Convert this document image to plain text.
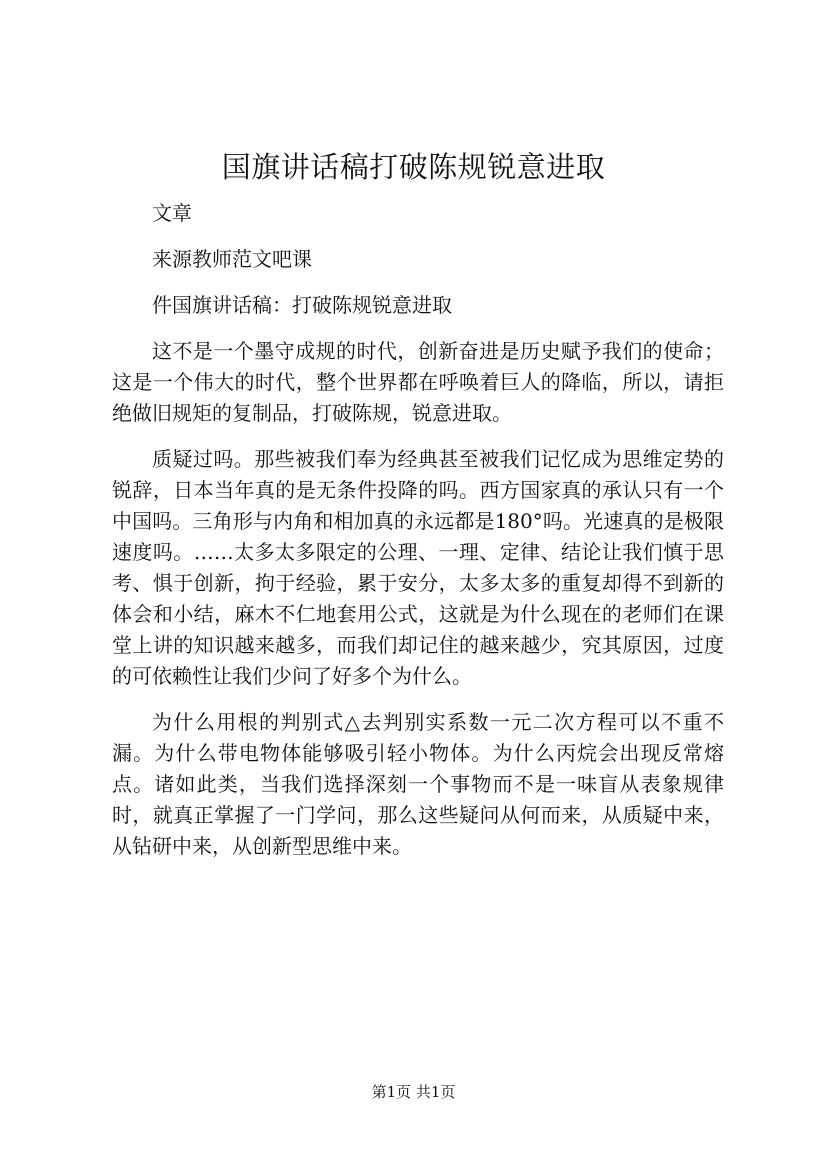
国旗讲话稿打破陈规锐意进取

文章

来源教师范文吧课

件国旗讲话稿：打破陈规锐意进取

这不是一个墨守成规的时代，创新奋进是历史赋予我们的使命；这是一个伟大的时代，整个世界都在呼唤着巨人的降临，所以，请拒绝做旧规矩的复制品，打破陈规，锐意进取。

质疑过吗。那些被我们奉为经典甚至被我们记忆成为思维定势的锐辞，日本当年真的是无条件投降的吗。西方国家真的承认只有一个中国吗。三角形与内角和相加真的永远都是180°吗。光速真的是极限速度吗。……太多太多限定的公理、一理、定律、结论让我们慎于思考、惧于创新，拘于经验，累于安分，太多太多的重复却得不到新的体会和小结，麻木不仁地套用公式，这就是为什么现在的老师们在课堂上讲的知识越来越多，而我们却记住的越来越少，究其原因，过度的可依赖性让我们少问了好多个为什么。

为什么用根的判别式△去判别实系数一元二次方程可以不重不漏。为什么带电物体能够吸引轻小物体。为什么丙烷会出现反常熔点。诸如此类，当我们选择深刻一个事物而不是一味盲从表象规律时，就真正掌握了一门学问，那么这些疑问从何而来，从质疑中来，从钻研中来，从创新型思维中来。

第1页 共1页
